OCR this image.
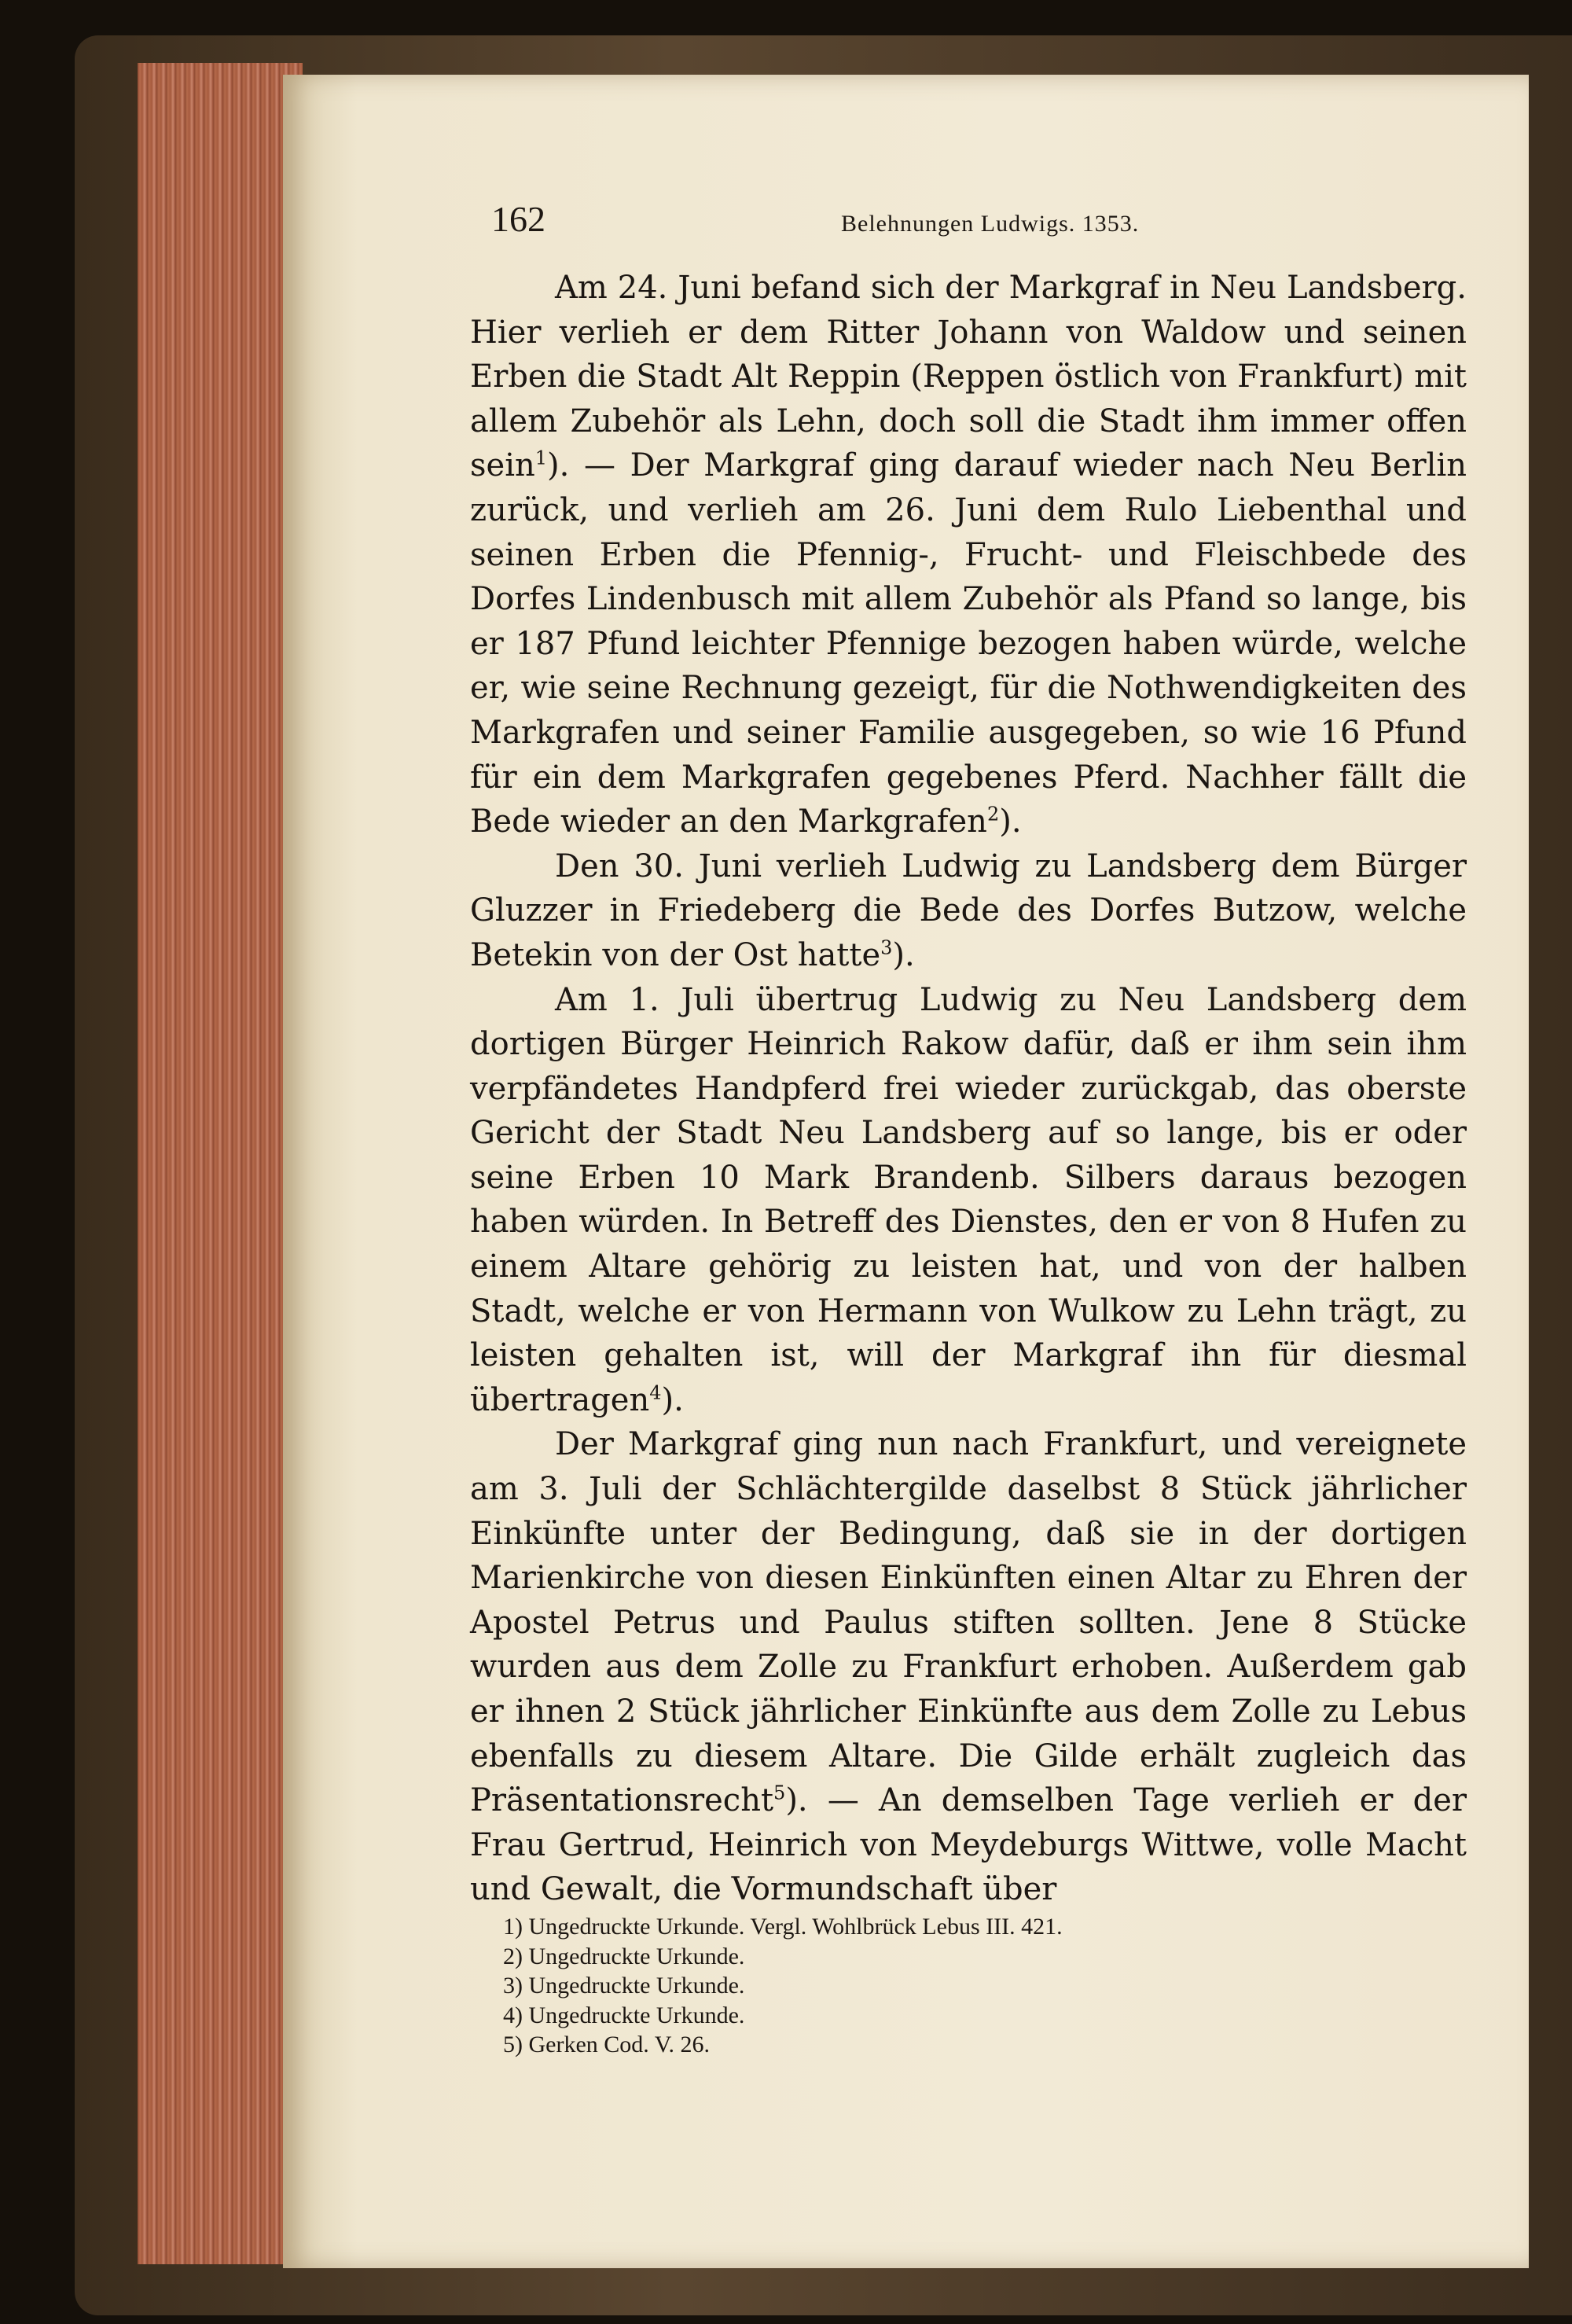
162	Belehnungen Ludwigs. 1353.

Am 24. Juni befand sich der Markgraf in Neu Landsberg. Hier verlieh er dem Ritter Johann von Waldow und seinen Erben die Stadt Alt Reppin (Reppen östlich von Frankfurt) mit allem Zubehör als Lehn, doch soll die Stadt ihm immer offen sein$^1$). — Der Markgraf ging darauf wieder nach Neu Berlin zurück, und verlieh am 26. Juni dem Rulo Liebenthal und seinen Erben die Pfennig-, Frucht- und Fleischbede des Dorfes Lindenbusch mit allem Zubehör als Pfand so lange, bis er 187 Pfund leichter Pfennige bezogen haben würde, welche er, wie seine Rechnung gezeigt, für die Nothwendigkeiten des Markgrafen und seiner Familie ausgegeben, so wie 16 Pfund für ein dem Markgrafen gegebenes Pferd. Nachher fällt die Bede wieder an den Markgrafen$^2$).

Den 30. Juni verlieh Ludwig zu Landsberg dem Bürger Gluzzer in Friedeberg die Bede des Dorfes Butzow, welche Betekin von der Ost hatte$^3$).

Am 1. Juli übertrug Ludwig zu Neu Landsberg dem dortigen Bürger Heinrich Rakow dafür, daß er ihm sein ihm verpfändetes Handpferd frei wieder zurückgab, das oberste Gericht der Stadt Neu Landsberg auf so lange, bis er oder seine Erben 10 Mark Brandenb. Silbers daraus bezogen haben würden. In Betreff des Dienstes, den er von 8 Hufen zu einem Altare gehörig zu leisten hat, und von der halben Stadt, welche er von Hermann von Wulkow zu Lehn trägt, zu leisten gehalten ist, will der Markgraf ihn für diesmal übertragen$^4$).

Der Markgraf ging nun nach Frankfurt, und vereignete am 3. Juli der Schlächtergilde daselbst 8 Stück jährlicher Einkünfte unter der Bedingung, daß sie in der dortigen Marienkirche von diesen Einkünften einen Altar zu Ehren der Apostel Petrus und Paulus stiften sollten. Jene 8 Stücke wurden aus dem Zolle zu Frankfurt erhoben. Außerdem gab er ihnen 2 Stück jährlicher Einkünfte aus dem Zolle zu Lebus ebenfalls zu diesem Altare. Die Gilde erhält zugleich das Präsentationsrecht$^5$). — An demselben Tage verlieh er der Frau Gertrud, Heinrich von Meydeburgs Wittwe, volle Macht und Gewalt, die Vormundschaft über

1) Ungedruckte Urkunde. Vergl. Wohlbrück Lebus III. 421.
2) Ungedruckte Urkunde.
3) Ungedruckte Urkunde.
4) Ungedruckte Urkunde.
5) Gerken Cod. V. 26.
